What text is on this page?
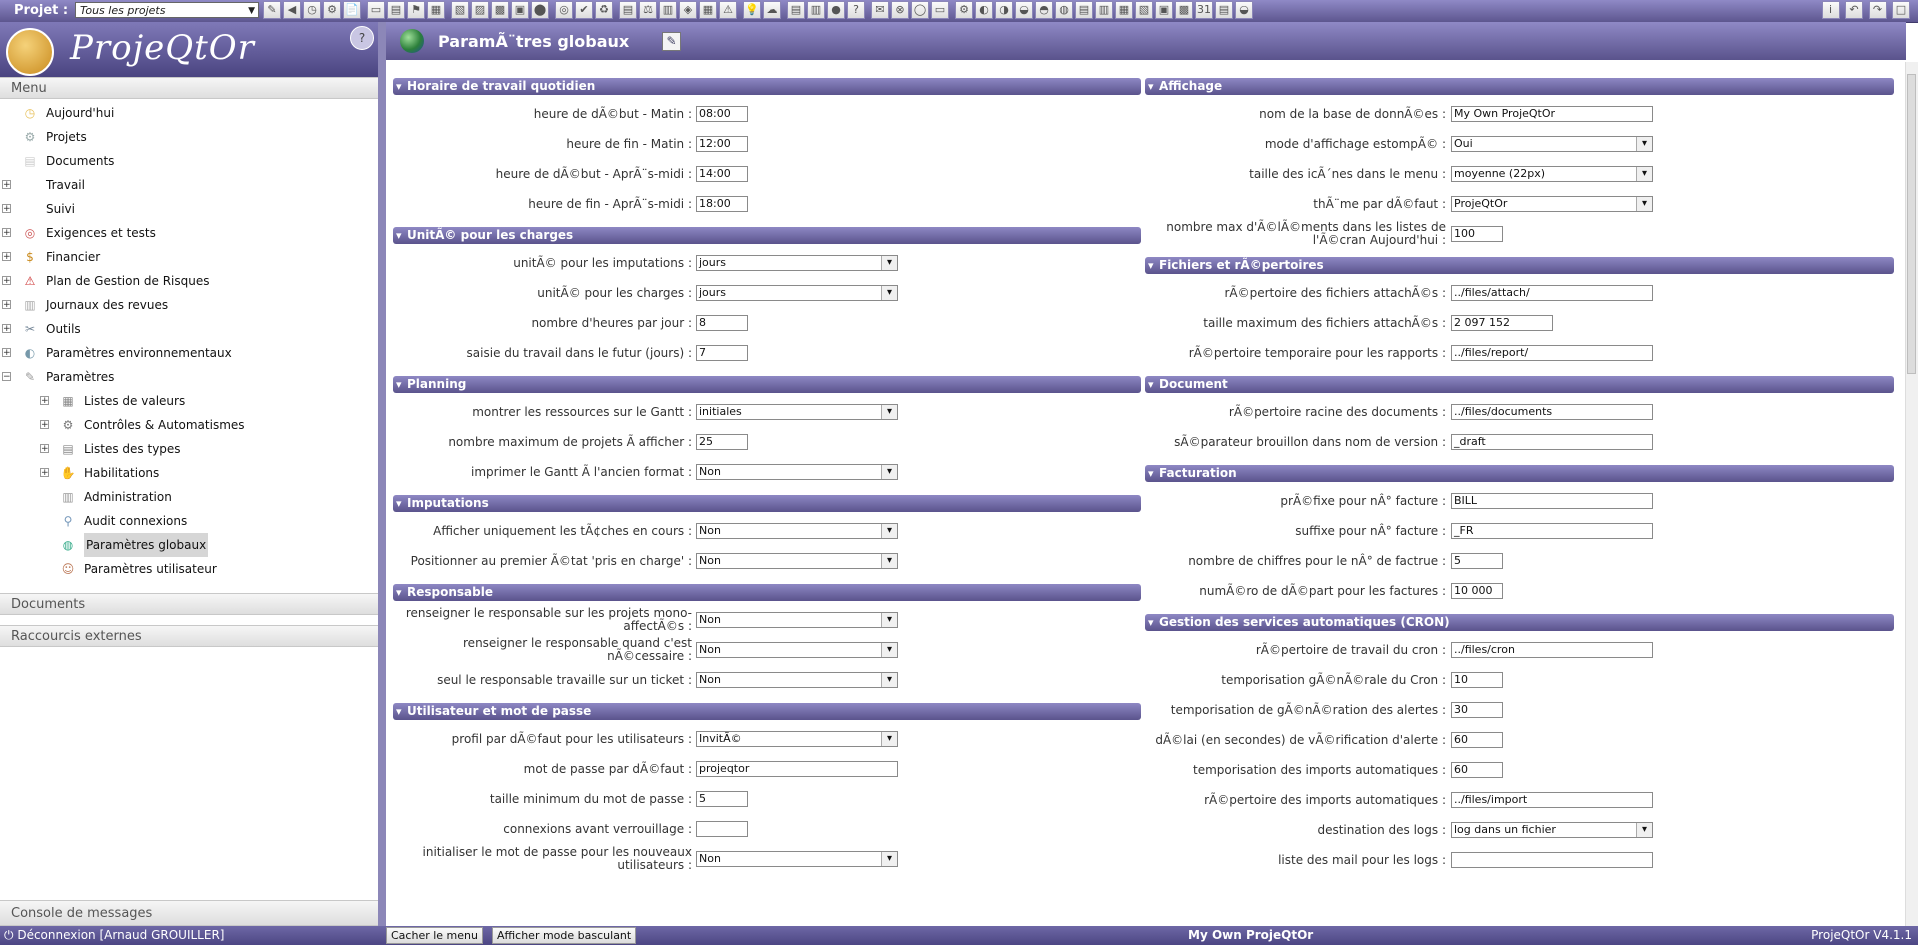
Projet :	Tous les projets	▼	✎ ◀ ◷ ⚙ 📄 ▭ ▤ ⚑ ▦ ▧ ▨ ▩ ▣ ⬤ ◎ ✔ ♻ ▤ ⚖ ▥ ◈ ▦ ⚠ 💡 ☁ ▤ ▥ ● ? ✉ ⊗ ◯ ▭ ⚙ ◐ ◑ ◒ ◓ ◍ ▤ ▥ ▦ ▧ ▣ ▩ 31 ▤ ◒	i ↶ ↷ □
ProjeQtOr	?
Menu
◷ Aujourd'hui
⚙ Projets
▤ Documents
+	Travail
+	Suivi
+	◎ Exigences et tests
+	$	Financier
+	⚠ Plan de Gestion de Risques
+ ▥ Journaux des revues
+	✂ Outils
+	◐ Paramètres environnementaux
−	✎ Paramètres
+ ▦ Listes de valeurs
+	⚙ Contrôles & Automatismes
+ ▤ Listes des types
+ ✋ Habilitations
▥ Administration
⚲ Audit connexions
◍	Paramètres globaux
☺ Paramètres utilisateur
Documents
Raccourcis externes
Console de messages
ParamÃ¨tres globaux	✎
▾ Horaire de travail quotidien
heure de dÃ©but - Matin : 08:00
heure de fin - Matin : 12:00
heure de dÃ©but - AprÃ¨s-midi : 14:00
heure de fin - AprÃ¨s-midi : 18:00
▾ UnitÃ© pour les charges
unitÃ© pour les imputations : jours ▾
unitÃ© pour les charges : jours ▾
nombre d'heures par jour : 8
saisie du travail dans le futur (jours) : 7
▾ Planning
montrer les ressources sur le Gantt : initiales ▾
nombre maximum de projets Ã afficher : 25
imprimer le Gantt Ã l'ancien format : Non ▾
▾ Imputations
Afficher uniquement les tÃ¢ches en cours : Non ▾
Positionner au premier Ã©tat 'pris en charge' : Non ▾
▾ Responsable
renseigner le responsable sur les projets mono-affectÃ©s : Non ▾
renseigner le responsable quand c'est nÃ©cessaire : Non ▾
seul le responsable travaille sur un ticket : Non ▾
▾ Utilisateur et mot de passe
profil par dÃ©faut pour les utilisateurs : InvitÃ© ▾
mot de passe par dÃ©faut : projeqtor
taille minimum du mot de passe : 5
connexions avant verrouillage :
initialiser le mot de passe pour les nouveaux utilisateurs : Non ▾
▾ Affichage
nom de la base de donnÃ©es : My Own ProjeQtOr
mode d'affichage estompÃ© : Oui ▾
taille des icÃ´nes dans le menu : moyenne (22px) ▾
thÃ¨me par dÃ©faut : ProjeQtOr ▾
nombre max d'Ã©lÃ©ments dans les listes de l'Ã©cran Aujourd'hui : 100
▾ Fichiers et rÃ©pertoires
rÃ©pertoire des fichiers attachÃ©s : ../files/attach/
taille maximum des fichiers attachÃ©s : 2 097 152
rÃ©pertoire temporaire pour les rapports : ../files/report/
▾ Document
rÃ©pertoire racine des documents : ../files/documents
sÃ©parateur brouillon dans nom de version : _draft
▾ Facturation
prÃ©fixe pour nÂ° facture : BILL
suffixe pour nÂ° facture : _FR
nombre de chiffres pour le nÂ° de factrue : 5
numÃ©ro de dÃ©part pour les factures : 10 000
▾ Gestion des services automatiques (CRON)
rÃ©pertoire de travail du cron : ../files/cron
temporisation gÃ©nÃ©rale du Cron : 10
temporisation de gÃ©nÃ©ration des alertes : 30
dÃ©lai (en secondes) de vÃ©rification d'alerte : 60
temporisation des imports automatiques : 60
rÃ©pertoire des imports automatiques : ../files/import
destination des logs : log dans un fichier ▾
liste des mail pour les logs :
⏻ Déconnexion [Arnaud GROUILLER]	Cacher le menu	Afficher mode basculant	My Own ProjeQtOr	ProjeQtOr V4.1.1
